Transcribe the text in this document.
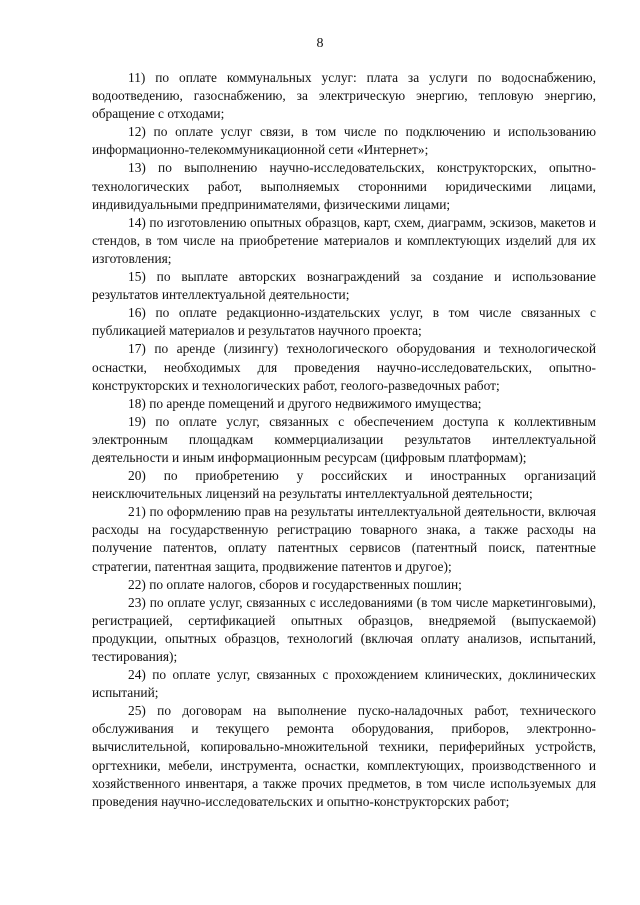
8

11) по оплате коммунальных услуг: плата за услуги по водоснабжению, водоотведению, газоснабжению, за электрическую энергию, тепловую энергию, обращение с отходами;

12) по оплате услуг связи, в том числе по подключению и использованию информационно-телекоммуникационной сети «Интернет»;

13) по выполнению научно-исследовательских, конструкторских, опытно-технологических работ, выполняемых сторонними юридическими лицами, индивидуальными предпринимателями, физическими лицами;

14) по изготовлению опытных образцов, карт, схем, диаграмм, эскизов, макетов и стендов, в том числе на приобретение материалов и комплектующих изделий для их изготовления;

15) по выплате авторских вознаграждений за создание и использование результатов интеллектуальной деятельности;

16) по оплате редакционно-издательских услуг, в том числе связанных с публикацией материалов и результатов научного проекта;

17) по аренде (лизингу) технологического оборудования и технологической оснастки, необходимых для проведения научно-исследовательских, опытно-конструкторских и технологических работ, геолого-разведочных работ;

18) по аренде помещений и другого недвижимого имущества;

19) по оплате услуг, связанных с обеспечением доступа к коллективным электронным площадкам коммерциализации результатов интеллектуальной деятельности и иным информационным ресурсам (цифровым платформам);

20) по приобретению у российских и иностранных организаций неисключительных лицензий на результаты интеллектуальной деятельности;

21) по оформлению прав на результаты интеллектуальной деятельности, включая расходы на государственную регистрацию товарного знака, а также расходы на получение патентов, оплату патентных сервисов (патентный поиск, патентные стратегии, патентная защита, продвижение патентов и другое);

22) по оплате налогов, сборов и государственных пошлин;

23) по оплате услуг, связанных с исследованиями (в том числе маркетинговыми), регистрацией, сертификацией опытных образцов, внедряемой (выпускаемой) продукции, опытных образцов, технологий (включая оплату анализов, испытаний, тестирования);

24) по оплате услуг, связанных с прохождением клинических, доклинических испытаний;

25) по договорам на выполнение пуско-наладочных работ, технического обслуживания и текущего ремонта оборудования, приборов, электронно-вычислительной, копировально-множительной техники, периферийных устройств, оргтехники, мебели, инструмента, оснастки, комплектующих, производственного и хозяйственного инвентаря, а также прочих предметов, в том числе используемых для проведения научно-исследовательских и опытно-конструкторских работ;
